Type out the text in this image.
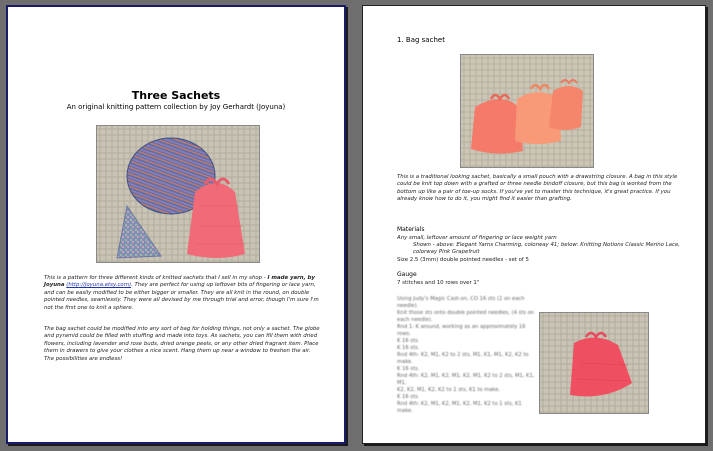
Three Sachets
An original knitting pattern collection by Joy Gerhardt (Joyuna)

This is a pattern for three different kinds of knitted sachets that I sell in my shop - I made yarn, by Joyuna (http://joyuna.etsy.com). They are perfect for using up leftover bits of fingering or lace yarn, and can be easily modified to be either bigger or smaller. They are all knit in the round, on double pointed needles, seamlessly. They were all devised by me through trial and error, though I'm sure I'm not the first one to knit a sphere.

The bag sachet could be modified into any sort of bag for holding things, not only a sachet. The globe and pyramid could be filled with stuffing and made into toys. As sachets, you can fill them with dried flowers, including lavender and rose buds, dried orange peels, or any other dried fragrant item. Place them in drawers to give your clothes a nice scent. Hang them up near a window to freshen the air. The possibilities are endless!

1. Bag sachet

This is a traditional looking sachet, basically a small pouch with a drawstring closure. A bag in this style could be knit top down with a grafted or three needle bindoff closure, but this bag is worked from the bottom up like a pair of toe-up socks. If you've yet to master this technique, it's great practice. If you already know how to do it, you might find it easier than grafting.

Materials

Any small, leftover amount of fingering or lace weight yarn

Shown - above: Elegant Yarns Charming, colorway 41; below: Knitting Notions Classic Merino Lace, colorway Pink Grapefruit

Size 2.5 (3mm) double pointed needles - set of 5

Gauge

7 stitches and 10 rows over 1"

Using Judy's Magic Cast-on, CO 16 sts (2 on each needle).

Knit those sts onto double pointed needles, (4 sts on each needle).

Rnd 1: K around, working as an approximately 16

rows.

K 16 sts.

K 16 sts.

Rnd 4th: K2, M1, K2 to 2 sts, M1, K1, M1, K2, K2 to

make.

K 16 sts.

Rnd 4th: K2, M1, K2, M1, K2, M1, K2 to 2 sts, M1, K1, M1,

K2, K2, M1, K2, K2 to 1 sts, K1 to make.

K 16 sts.

Rnd 4th: K2, M1, K2, M1, K2, M1, K2 to 1 sts, K1

make.
